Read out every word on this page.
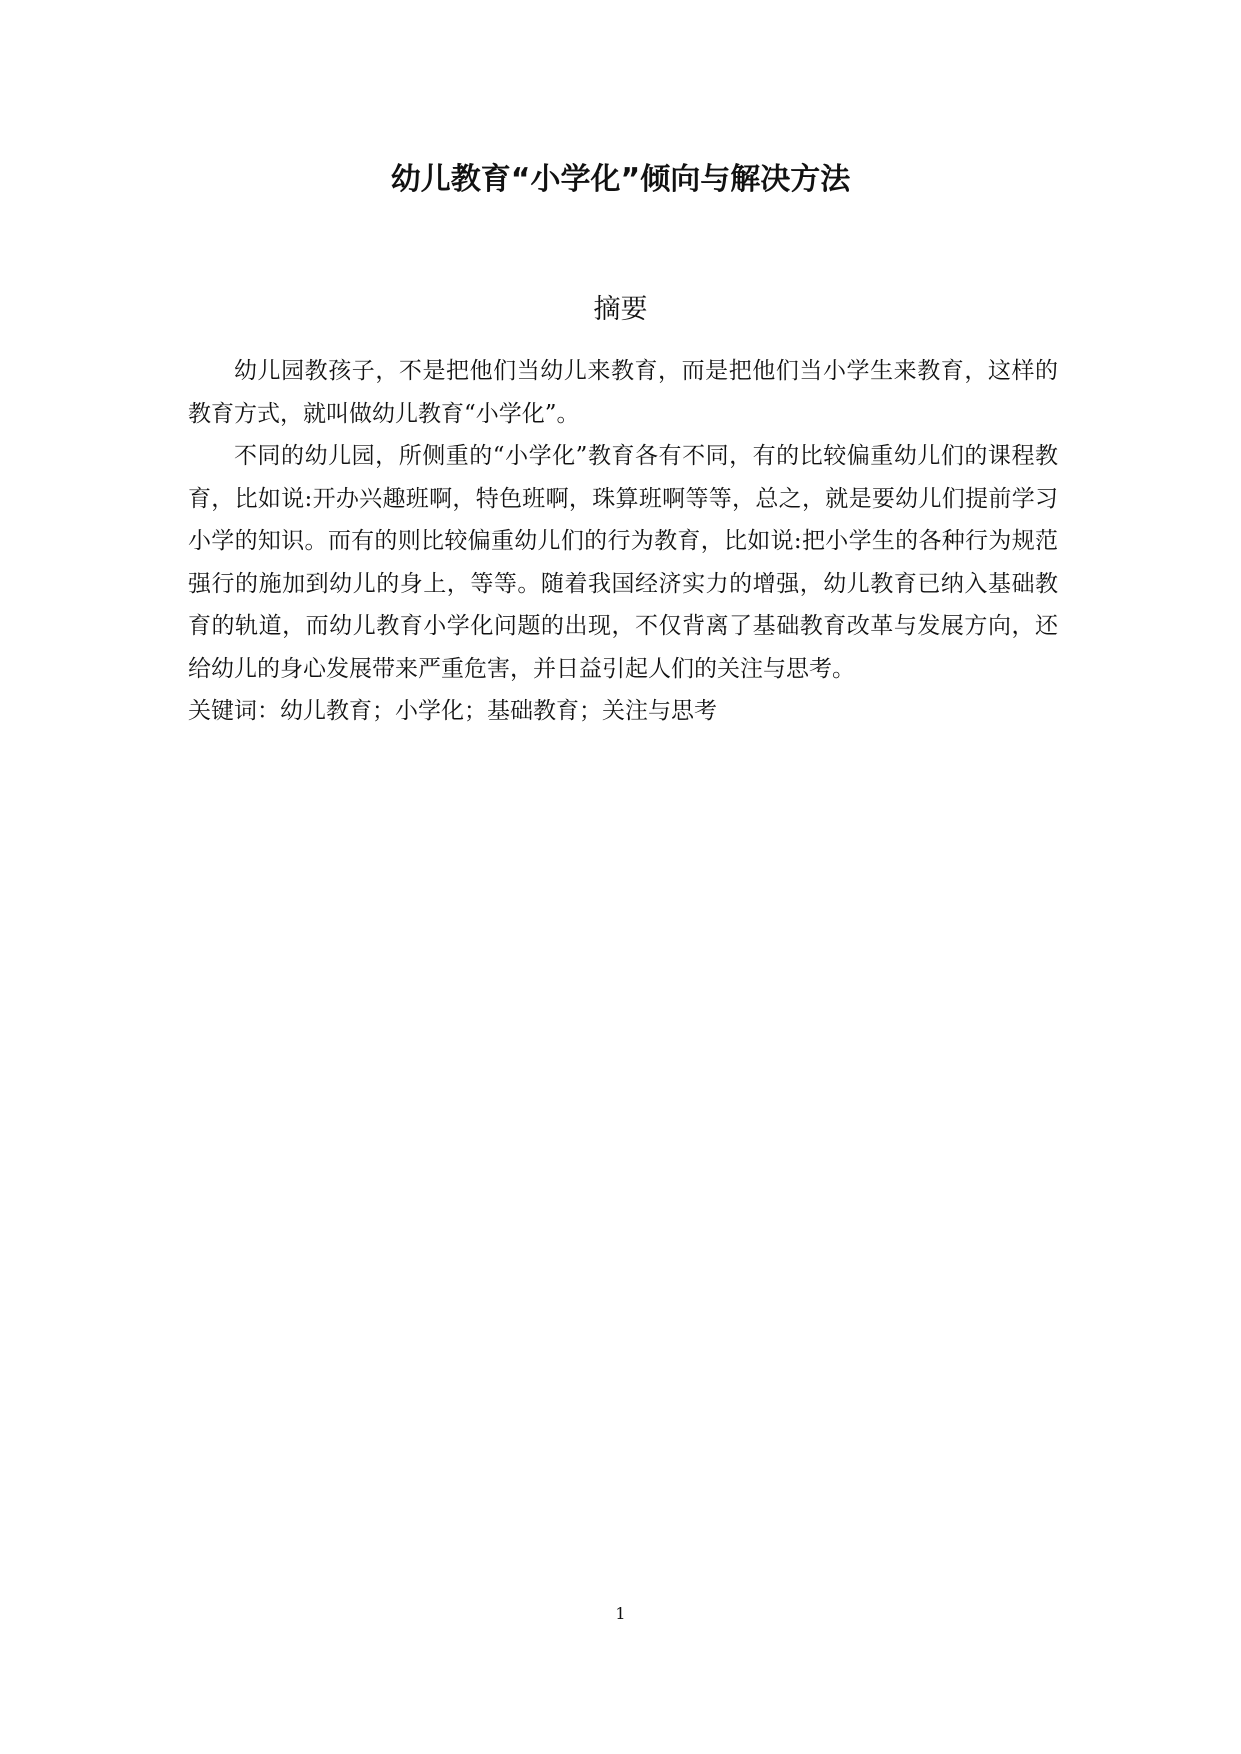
幼儿教育“小学化”倾向与解决方法
摘要

幼儿园教孩子，不是把他们当幼儿来教育，而是把他们当小学生来教育，这样的教育方式，就叫做幼儿教育“小学化”。

不同的幼儿园，所侧重的“小学化”教育各有不同，有的比较偏重幼儿们的课程教育，比如说:开办兴趣班啊，特色班啊，珠算班啊等等，总之，就是要幼儿们提前学习小学的知识。而有的则比较偏重幼儿们的行为教育，比如说:把小学生的各种行为规范强行的施加到幼儿的身上，等等。随着我国经济实力的增强，幼儿教育已纳入基础教育的轨道，而幼儿教育小学化问题的出现，不仅背离了基础教育改革与发展方向，还给幼儿的身心发展带来严重危害，并日益引起人们的关注与思考。

关键词：幼儿教育；小学化；基础教育；关注与思考

1
